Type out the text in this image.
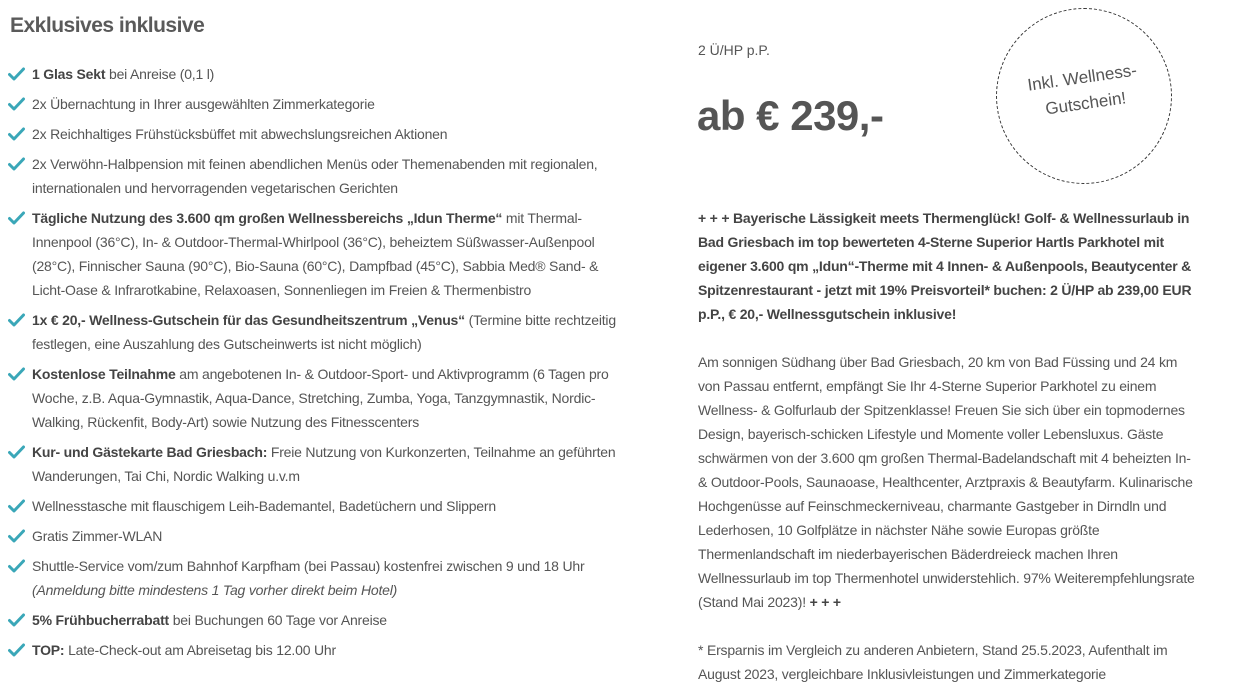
Exklusives inklusive
1 Glas Sekt bei Anreise (0,1 l)
2x Übernachtung in Ihrer ausgewählten Zimmerkategorie
2x Reichhaltiges Frühstücksbüffet mit abwechslungsreichen Aktionen
2x Verwöhn-Halbpension mit feinen abendlichen Menüs oder Themenabenden mit regionalen, internationalen und hervorragenden vegetarischen Gerichten
Tägliche Nutzung des 3.600 qm großen Wellnessbereichs „Idun Therme“ mit Thermal-Innenpool (36°C), In- & Outdoor-Thermal-Whirlpool (36°C), beheiztem Süßwasser-Außenpool (28°C), Finnischer Sauna (90°C), Bio-Sauna (60°C), Dampfbad (45°C), Sabbia Med® Sand- & Licht-Oase & Infrarotkabine, Relaxoasen, Sonnenliegen im Freien & Thermenbistro
1x € 20,- Wellness-Gutschein für das Gesundheitszentrum „Venus“ (Termine bitte rechtzeitig festlegen, eine Auszahlung des Gutscheinwerts ist nicht möglich)
Kostenlose Teilnahme am angebotenen In- & Outdoor-Sport- und Aktivprogramm (6 Tagen pro Woche, z.B. Aqua-Gymnastik, Aqua-Dance, Stretching, Zumba, Yoga, Tanzgymnastik, Nordic-Walking, Rückenfit, Body-Art) sowie Nutzung des Fitnesscenters
Kur- und Gästekarte Bad Griesbach: Freie Nutzung von Kurkonzerten, Teilnahme an geführten Wanderungen, Tai Chi, Nordic Walking u.v.m
Wellnesstasche mit flauschigem Leih-Bademantel, Badetüchern und Slippern
Gratis Zimmer-WLAN
Shuttle-Service vom/zum Bahnhof Karpfham (bei Passau) kostenfrei zwischen 9 und 18 Uhr
(Anmeldung bitte mindestens 1 Tag vorher direkt beim Hotel)
5% Frühbucherrabatt bei Buchungen 60 Tage vor Anreise
TOP: Late-Check-out am Abreisetag bis 12.00 Uhr
2 Ü/HP p.P.
ab € 239,-
Inkl. Wellness-
Gutschein!

+ + + Bayerische Lässigkeit meets Thermenglück! Golf- & Wellnessurlaub in Bad Griesbach im top bewerteten 4-Sterne Superior Hartls Parkhotel mit eigener 3.600 qm „Idun“-Therme mit 4 Innen- & Außenpools, Beautycenter & Spitzenrestaurant - jetzt mit 19% Preisvorteil* buchen: 2 Ü/HP ab 239,00 EUR p.P., € 20,- Wellnessgutschein inklusive!

Am sonnigen Südhang über Bad Griesbach, 20 km von Bad Füssing und 24 km von Passau entfernt, empfängt Sie Ihr 4-Sterne Superior Parkhotel zu einem Wellness- & Golfurlaub der Spitzenklasse! Freuen Sie sich über ein topmodernes Design, bayerisch-schicken Lifestyle und Momente voller Lebensluxus. Gäste schwärmen von der 3.600 qm großen Thermal-Badelandschaft mit 4 beheizten In- & Outdoor-Pools, Saunaoase, Healthcenter, Arztpraxis & Beautyfarm. Kulinarische Hochgenüsse auf Feinschmeckerniveau, charmante Gastgeber in Dirndln und Lederhosen, 10 Golfplätze in nächster Nähe sowie Europas größte Thermenlandschaft im niederbayerischen Bäderdreieck machen Ihren Wellnessurlaub im top Thermenhotel unwiderstehlich. 97% Weiterempfehlungsrate (Stand Mai 2023)! + + +

* Ersparnis im Vergleich zu anderen Anbietern, Stand 25.5.2023, Aufenthalt im August 2023, vergleichbare Inklusivleistungen und Zimmerkategorie
